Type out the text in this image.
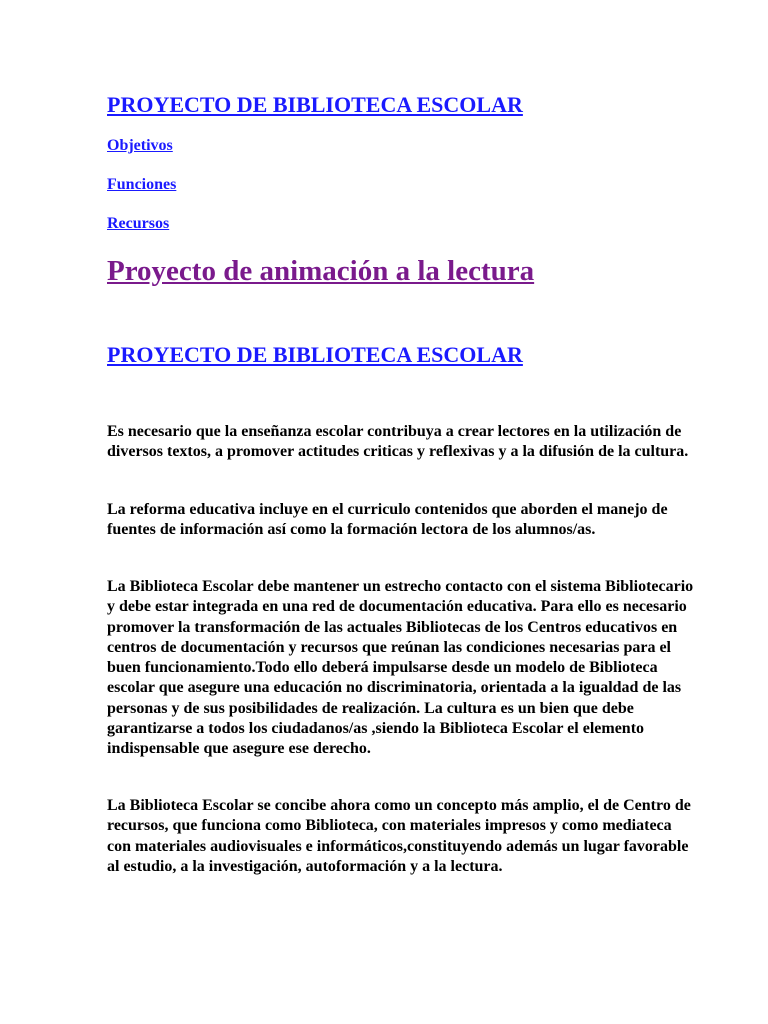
PROYECTO DE BIBLIOTECA ESCOLAR
Objetivos
Funciones
Recursos
Proyecto de animación a la lectura
PROYECTO DE BIBLIOTECA ESCOLAR

Es necesario que la enseñanza escolar contribuya a crear lectores en la utilización de diversos textos, a promover actitudes criticas y reflexivas y a la difusión de la cultura.

La reforma educativa incluye en el curriculo contenidos que aborden el manejo de fuentes de información así como la formación lectora de los alumnos/as.

La Biblioteca Escolar debe mantener un estrecho contacto con el sistema Bibliotecario y debe estar integrada en una red de documentación educativa. Para ello es necesario promover la transformación de las actuales Bibliotecas de los Centros educativos en centros de documentación y recursos que reúnan las condiciones necesarias para el buen funcionamiento.Todo ello deberá impulsarse desde un modelo de Biblioteca escolar que asegure una educación no discriminatoria, orientada a la igualdad de las personas y de sus posibilidades de realización. La cultura es un bien que debe garantizarse a todos los ciudadanos/as ,siendo la Biblioteca Escolar el elemento indispensable que asegure ese derecho.

La Biblioteca Escolar se concibe ahora como un concepto más amplio, el de Centro de recursos, que funciona como Biblioteca, con materiales impresos y como mediateca con materiales audiovisuales e informáticos,constituyendo además un lugar favorable al estudio, a la investigación, autoformación y a la lectura.
